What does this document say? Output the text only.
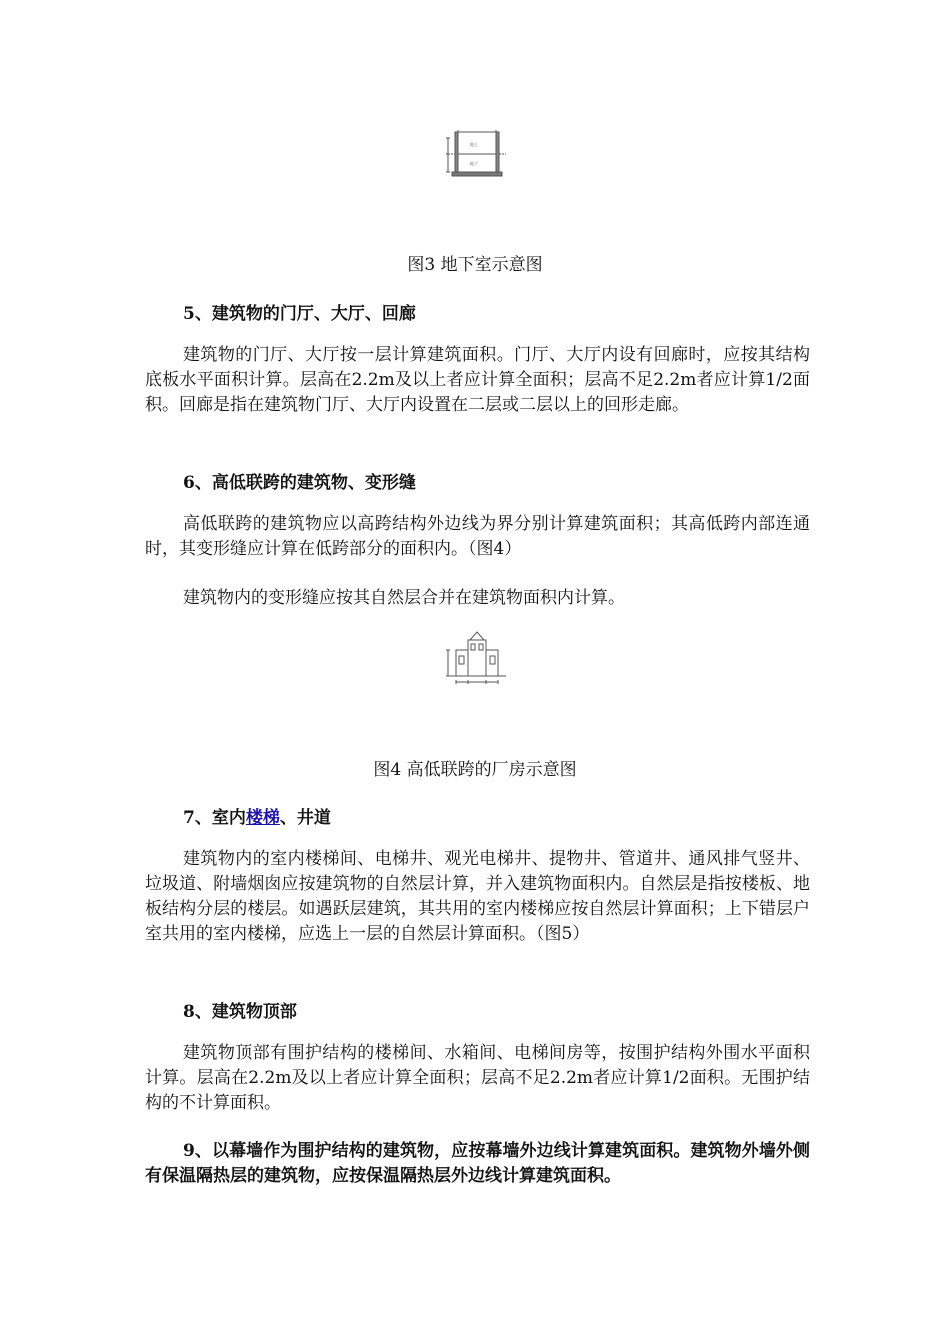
地上
地下
图3 地下室示意图
5、建筑物的门厅、大厅、回廊

建筑物的门厅、大厅按一层计算建筑面积。门厅、大厅内设有回廊时，应按其结构底板水平面积计算。层高在2.2m及以上者应计算全面积；层高不足2.2m者应计算1/2面积。回廊是指在建筑物门厅、大厅内设置在二层或二层以上的回形走廊。

6、高低联跨的建筑物、变形缝

高低联跨的建筑物应以高跨结构外边线为界分别计算建筑面积；其高低跨内部连通时，其变形缝应计算在低跨部分的面积内。（图4）

建筑物内的变形缝应按其自然层合并在建筑物面积内计算。

图4 高低联跨的厂房示意图
7、室内楼梯、井道

建筑物内的室内楼梯间、电梯井、观光电梯井、提物井、管道井、通风排气竖井、垃圾道、附墙烟囱应按建筑物的自然层计算，并入建筑物面积内。自然层是指按楼板、地板结构分层的楼层。如遇跃层建筑，其共用的室内楼梯应按自然层计算面积；上下错层户室共用的室内楼梯，应选上一层的自然层计算面积。（图5）

8、建筑物顶部

建筑物顶部有围护结构的楼梯间、水箱间、电梯间房等，按围护结构外围水平面积计算。层高在2.2m及以上者应计算全面积；层高不足2.2m者应计算1/2面积。无围护结构的不计算面积。

9、以幕墙作为围护结构的建筑物，应按幕墙外边线计算建筑面积。建筑物外墙外侧有保温隔热层的建筑物，应按保温隔热层外边线计算建筑面积。
